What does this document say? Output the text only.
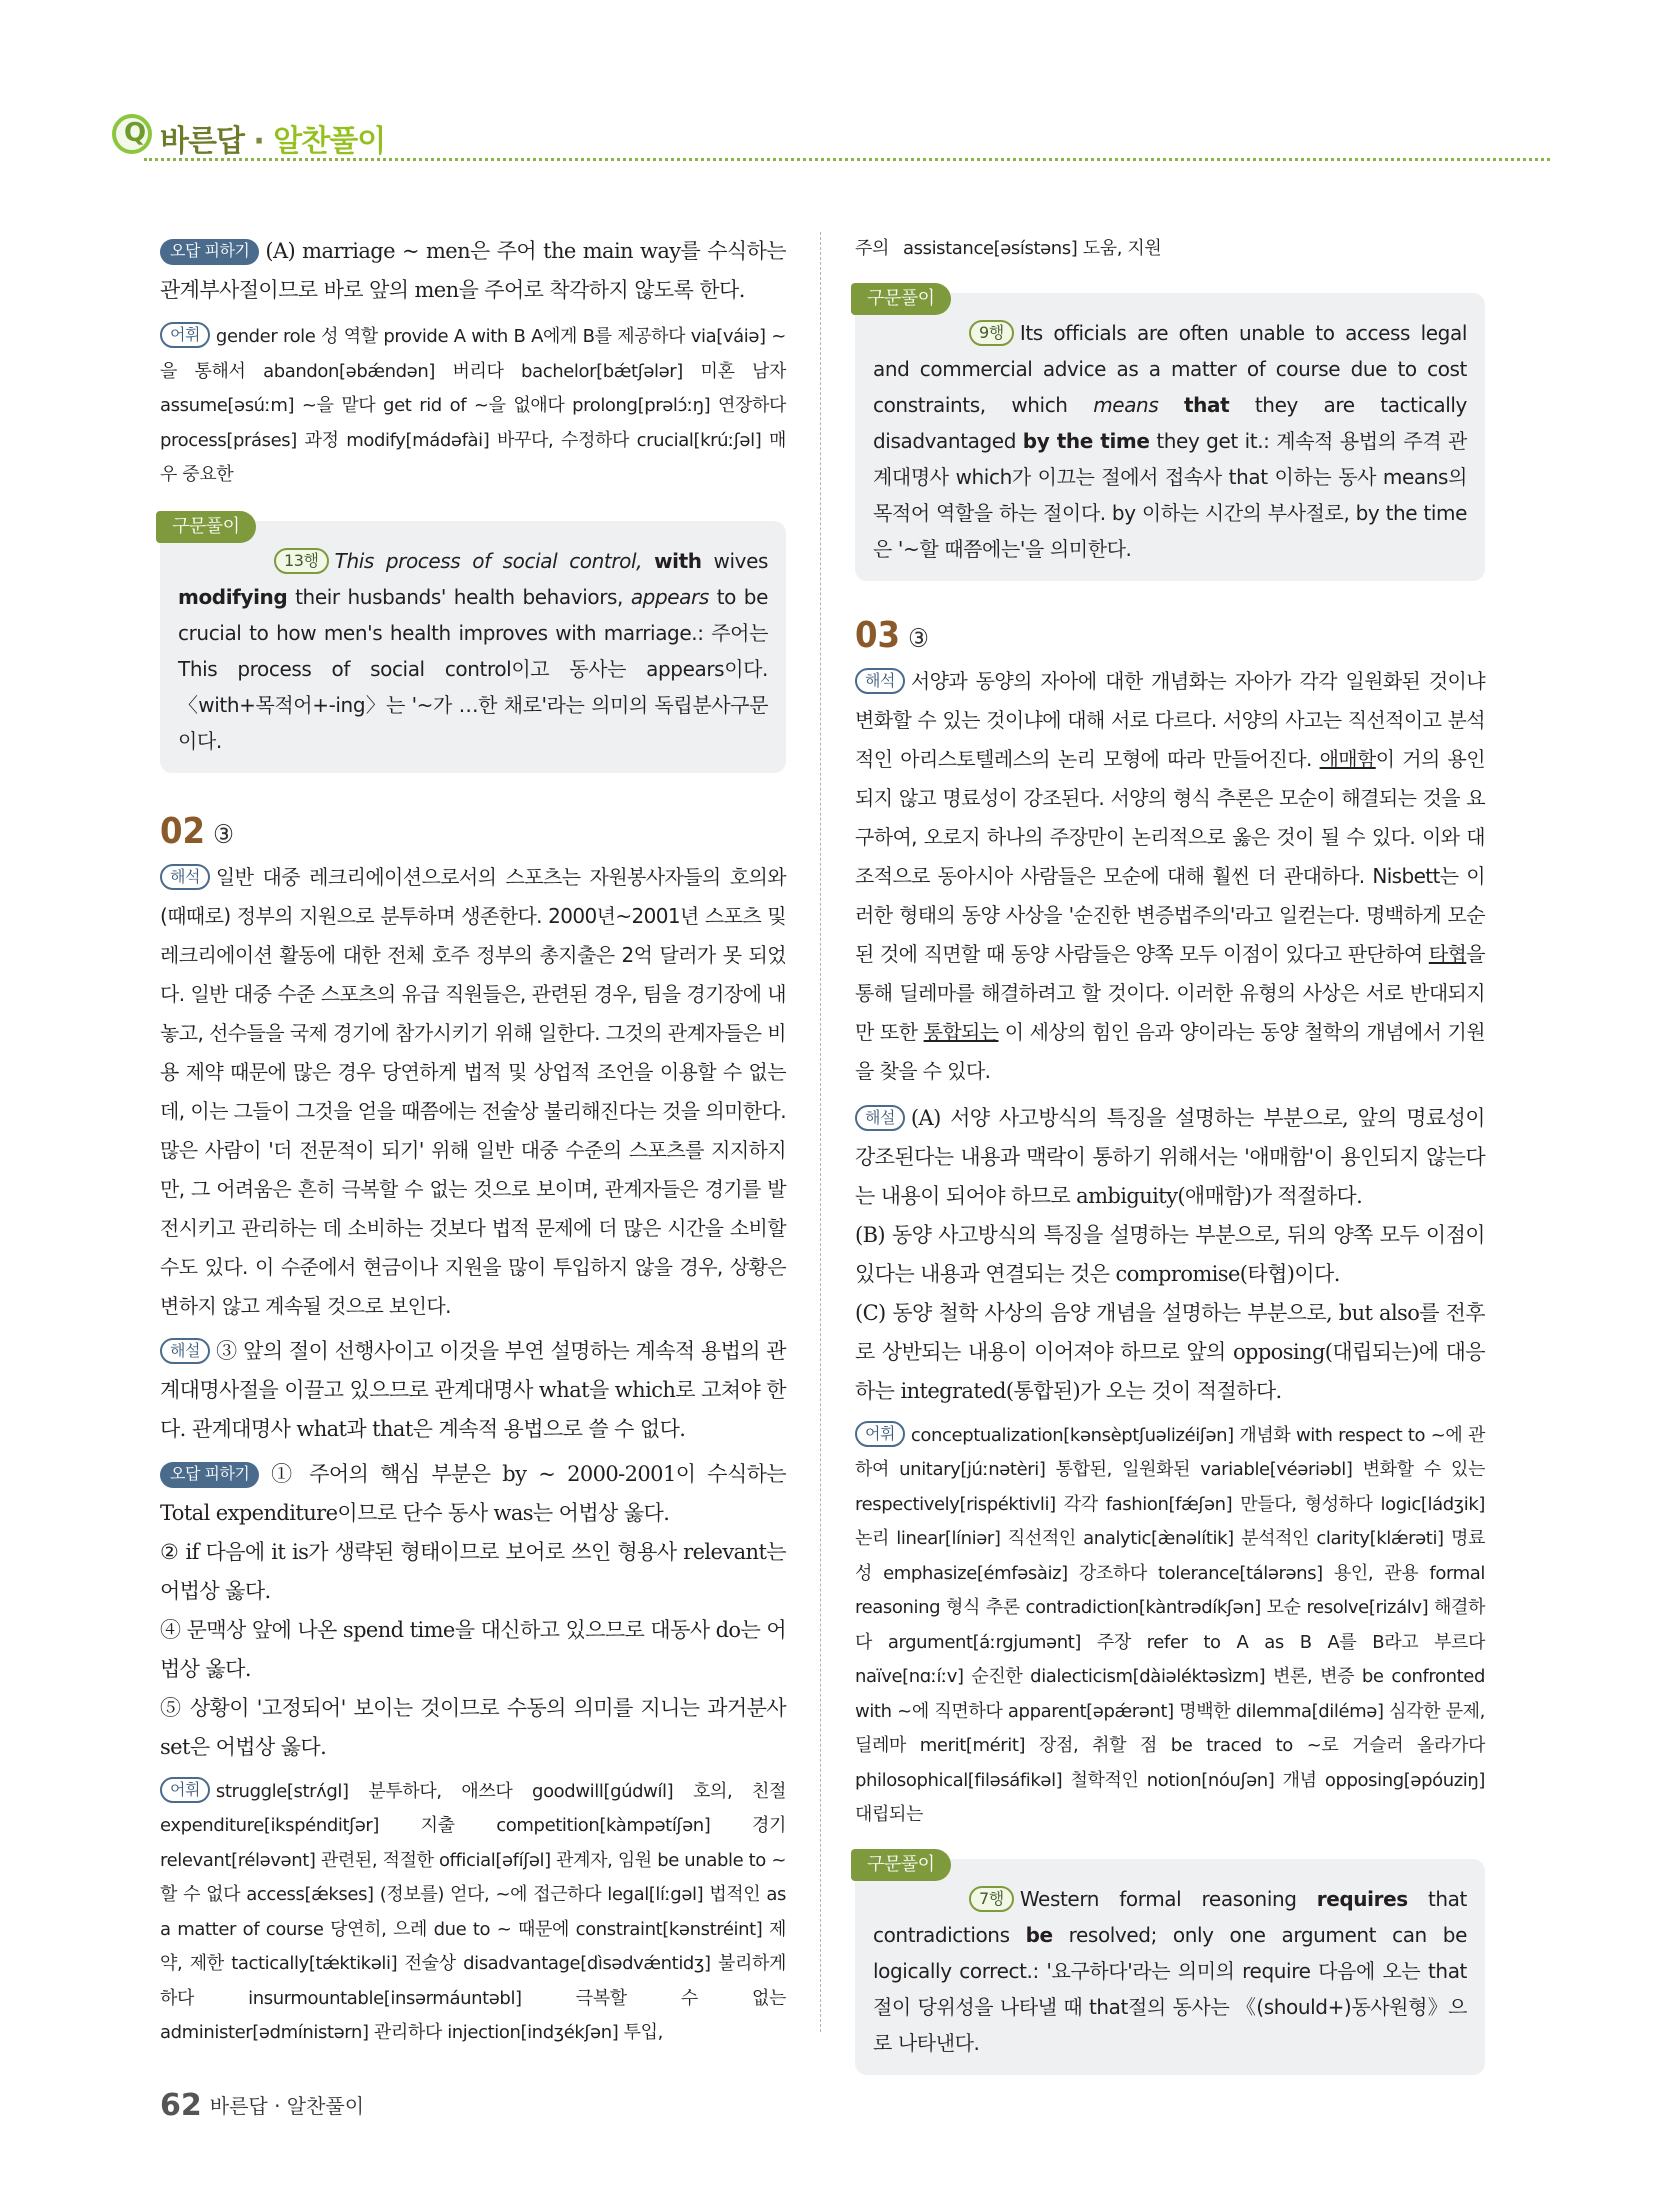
Q 바른답 · 알찬풀이
오답 피하기 (A) marriage ~ men은 주어 the main way를 수식하는 관계부사절이므로 바로 앞의 men을 주어로 착각하지 않도록 한다.
어휘 gender role 성 역할 provide A with B A에게 B를 제공하다 via[váiə] ~을 통해서 abandon[əbǽndən] 버리다 bachelor[bǽtʃələr] 미혼 남자 assume[əsúːm] ~을 맡다 get rid of ~을 없애다 prolong[prəlɔ́ːŋ] 연장하다 process[práses] 과정 modify[mádəfài] 바꾸다, 수정하다 crucial[krúːʃəl] 매우 중요한
구문풀이
13행 This process of social control, with wives modifying their husbands' health behaviors, appears to be crucial to how men's health improves with marriage.: 주어는 This process of social control이고 동사는 appears이다. 〈with+목적어+-ing〉는 '~가 …한 채로'라는 의미의 독립분사구문이다.
02 ③
해석 일반 대중 레크리에이션으로서의 스포츠는 자원봉사자들의 호의와 (때때로) 정부의 지원으로 분투하며 생존한다. 2000년~2001년 스포츠 및 레크리에이션 활동에 대한 전체 호주 정부의 총지출은 2억 달러가 못 되었다. 일반 대중 수준 스포츠의 유급 직원들은, 관련된 경우, 팀을 경기장에 내놓고, 선수들을 국제 경기에 참가시키기 위해 일한다. 그것의 관계자들은 비용 제약 때문에 많은 경우 당연하게 법적 및 상업적 조언을 이용할 수 없는데, 이는 그들이 그것을 얻을 때쯤에는 전술상 불리해진다는 것을 의미한다. 많은 사람이 '더 전문적이 되기' 위해 일반 대중 수준의 스포츠를 지지하지만, 그 어려움은 흔히 극복할 수 없는 것으로 보이며, 관계자들은 경기를 발전시키고 관리하는 데 소비하는 것보다 법적 문제에 더 많은 시간을 소비할 수도 있다. 이 수준에서 현금이나 지원을 많이 투입하지 않을 경우, 상황은 변하지 않고 계속될 것으로 보인다.
해설 ③ 앞의 절이 선행사이고 이것을 부연 설명하는 계속적 용법의 관계대명사절을 이끌고 있으므로 관계대명사 what을 which로 고쳐야 한다. 관계대명사 what과 that은 계속적 용법으로 쓸 수 없다.
오답 피하기 ① 주어의 핵심 부분은 by ~ 2000-2001이 수식하는 Total expenditure이므로 단수 동사 was는 어법상 옳다.
② if 다음에 it is가 생략된 형태이므로 보어로 쓰인 형용사 relevant는 어법상 옳다.
④ 문맥상 앞에 나온 spend time을 대신하고 있으므로 대동사 do는 어법상 옳다.
⑤ 상황이 '고정되어' 보이는 것이므로 수동의 의미를 지니는 과거분사 set은 어법상 옳다.
어휘 struggle[strʌ́gl] 분투하다, 애쓰다 goodwill[gúdwíl] 호의, 친절 expenditure[ikspénditʃər] 지출 competition[kàmpətíʃən] 경기 relevant[réləvənt] 관련된, 적절한 official[əfíʃəl] 관계자, 임원 be unable to ~할 수 없다 access[ǽkses] (정보를) 얻다, ~에 접근하다 legal[líːgəl] 법적인 as a matter of course 당연히, 으레 due to ~ 때문에 constraint[kənstréint] 제약, 제한 tactically[tǽktikəli] 전술상 disadvantage[dìsədvǽntidʒ] 불리하게 하다 insurmountable[insərmáuntəbl] 극복할 수 없는 administer[ədmínistərn] 관리하다 injection[indʒékʃən] 투입,
주의 assistance[əsístəns] 도움, 지원
구문풀이
9행 Its officials are often unable to access legal and commercial advice as a matter of course due to cost constraints, which means that they are tactically disadvantaged by the time they get it.: 계속적 용법의 주격 관계대명사 which가 이끄는 절에서 접속사 that 이하는 동사 means의 목적어 역할을 하는 절이다. by 이하는 시간의 부사절로, by the time은 '~할 때쯤에는'을 의미한다.
03 ③
해석 서양과 동양의 자아에 대한 개념화는 자아가 각각 일원화된 것이냐 변화할 수 있는 것이냐에 대해 서로 다르다. 서양의 사고는 직선적이고 분석적인 아리스토텔레스의 논리 모형에 따라 만들어진다. 애매함이 거의 용인되지 않고 명료성이 강조된다. 서양의 형식 추론은 모순이 해결되는 것을 요구하여, 오로지 하나의 주장만이 논리적으로 옳은 것이 될 수 있다. 이와 대조적으로 동아시아 사람들은 모순에 대해 훨씬 더 관대하다. Nisbett는 이러한 형태의 동양 사상을 '순진한 변증법주의'라고 일컫는다. 명백하게 모순된 것에 직면할 때 동양 사람들은 양쪽 모두 이점이 있다고 판단하여 타협을 통해 딜레마를 해결하려고 할 것이다. 이러한 유형의 사상은 서로 반대되지만 또한 통합되는 이 세상의 힘인 음과 양이라는 동양 철학의 개념에서 기원을 찾을 수 있다.
해설 (A) 서양 사고방식의 특징을 설명하는 부분으로, 앞의 명료성이 강조된다는 내용과 맥락이 통하기 위해서는 '애매함'이 용인되지 않는다는 내용이 되어야 하므로 ambiguity(애매함)가 적절하다.
(B) 동양 사고방식의 특징을 설명하는 부분으로, 뒤의 양쪽 모두 이점이 있다는 내용과 연결되는 것은 compromise(타협)이다.
(C) 동양 철학 사상의 음양 개념을 설명하는 부분으로, but also를 전후로 상반되는 내용이 이어져야 하므로 앞의 opposing(대립되는)에 대응하는 integrated(통합된)가 오는 것이 적절하다.
어휘 conceptualization[kənsèptʃuəlizéiʃən] 개념화 with respect to ~에 관하여 unitary[júːnətèri] 통합된, 일원화된 variable[véəriəbl] 변화할 수 있는 respectively[rispéktivli] 각각 fashion[fǽʃən] 만들다, 형성하다 logic[ládʒik] 논리 linear[líniər] 직선적인 analytic[æ̀nəlítik] 분석적인 clarity[klǽrəti] 명료성 emphasize[émfəsàiz] 강조하다 tolerance[tálərəns] 용인, 관용 formal reasoning 형식 추론 contradiction[kàntrədíkʃən] 모순 resolve[rizálv] 해결하다 argument[áːrgjumənt] 주장 refer to A as B A를 B라고 부르다 naïve[nɑːíːv] 순진한 dialecticism[dàiəléktəsìzm] 변론, 변증 be confronted with ~에 직면하다 apparent[əpǽrənt] 명백한 dilemma[dilémə] 심각한 문제, 딜레마 merit[mérit] 장점, 취할 점 be traced to ~로 거슬러 올라가다 philosophical[filəsáfikəl] 철학적인 notion[nóuʃən] 개념 opposing[əpóuziŋ] 대립되는
구문풀이
7행 Western formal reasoning requires that contradictions be resolved; only one argument can be logically correct.: '요구하다'라는 의미의 require 다음에 오는 that절이 당위성을 나타낼 때 that절의 동사는 《(should+)동사원형》으로 나타낸다.
62 바른답 · 알찬풀이
